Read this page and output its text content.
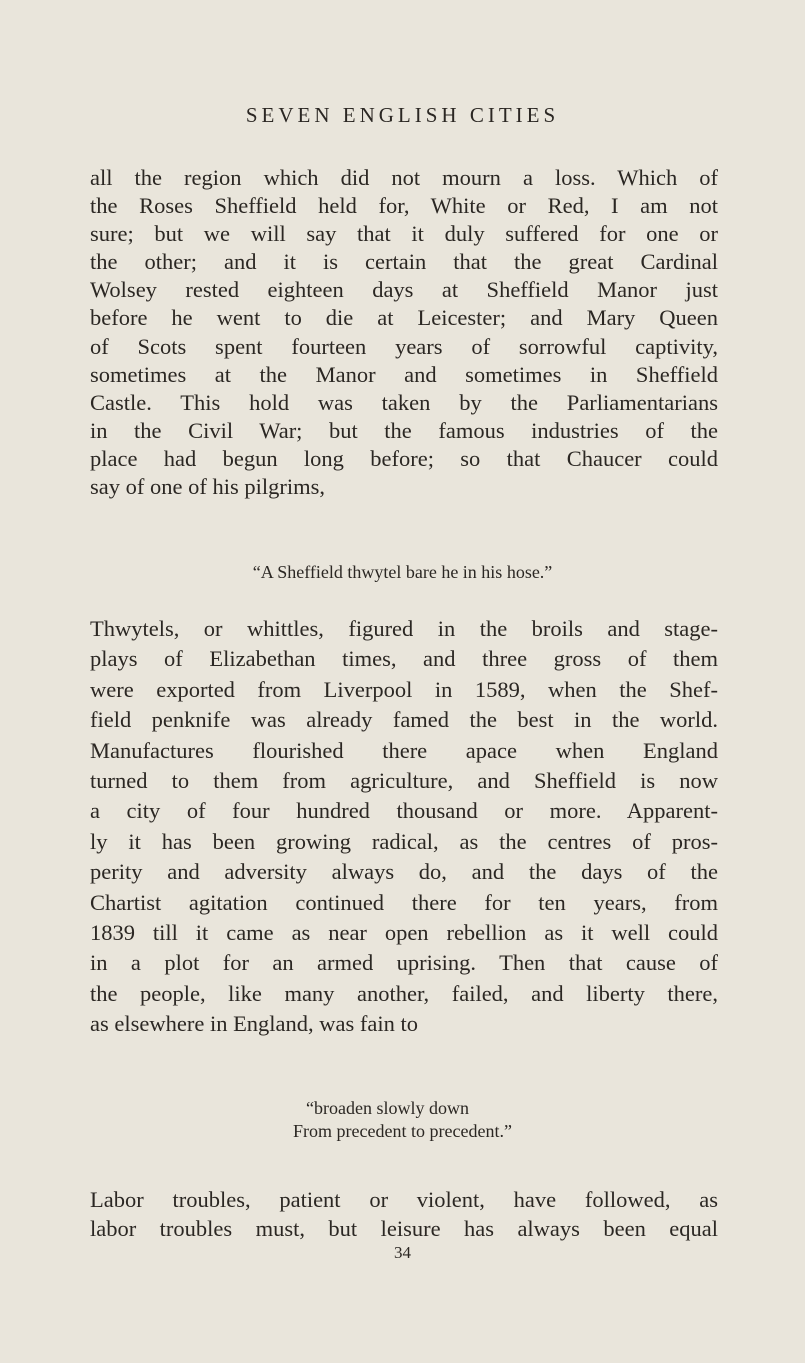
SEVEN ENGLISH CITIES
all the region which did not mourn a loss. Which of
the Roses Sheffield held for, White or Red, I am not
sure; but we will say that it duly suffered for one or
the other; and it is certain that the great Cardinal
Wolsey rested eighteen days at Sheffield Manor just
before he went to die at Leicester; and Mary Queen
of Scots spent fourteen years of sorrowful captivity,
sometimes at the Manor and sometimes in Sheffield
Castle. This hold was taken by the Parliamentarians
in the Civil War; but the famous industries of the
place had begun long before; so that Chaucer could
say of one of his pilgrims,
“A Sheffield thwytel bare he in his hose.”
Thwytels, or whittles, figured in the broils and stage-
plays of Elizabethan times, and three gross of them
were exported from Liverpool in 1589, when the Shef-
field penknife was already famed the best in the world.
Manufactures flourished there apace when England
turned to them from agriculture, and Sheffield is now
a city of four hundred thousand or more. Apparent-
ly it has been growing radical, as the centres of pros-
perity and adversity always do, and the days of the
Chartist agitation continued there for ten years, from
1839 till it came as near open rebellion as it well could
in a plot for an armed uprising. Then that cause of
the people, like many another, failed, and liberty there,
as elsewhere in England, was fain to
“broaden slowly down
From precedent to precedent.”
Labor troubles, patient or violent, have followed, as
labor troubles must, but leisure has always been equal
34
